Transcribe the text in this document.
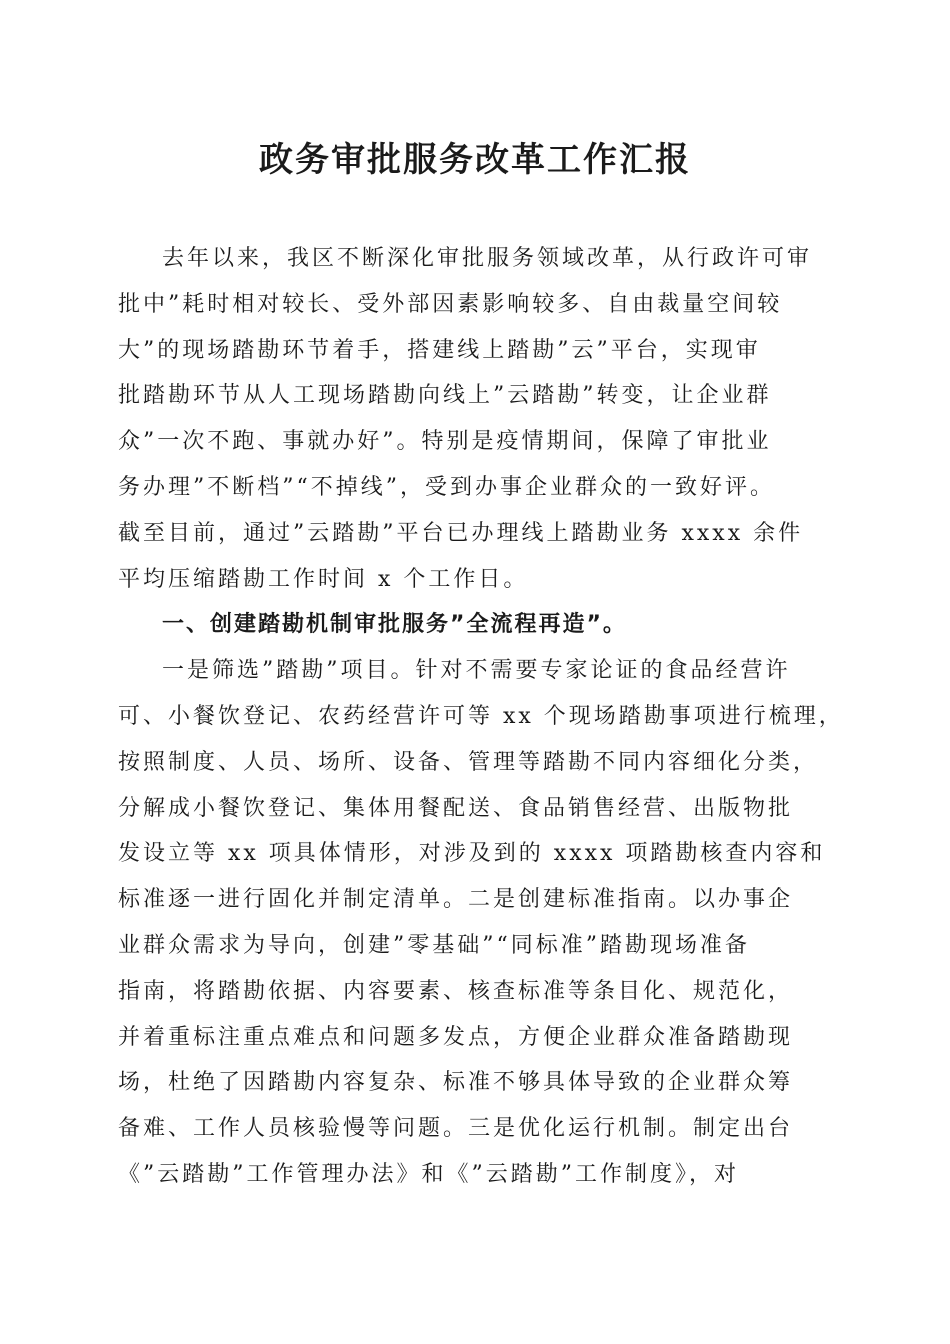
政务审批服务改革工作汇报
去年以来，我区不断深化审批服务领域改革，从行政许可审
批中”耗时相对较长、受外部因素影响较多、自由裁量空间较
大”的现场踏勘环节着手，搭建线上踏勘”云”平台，实现审
批踏勘环节从人工现场踏勘向线上”云踏勘”转变，让企业群
众”一次不跑、事就办好”。特别是疫情期间，保障了审批业
务办理”不断档”“不掉线”，受到办事企业群众的一致好评。
截至目前，通过”云踏勘”平台已办理线上踏勘业务 xxxx 余件
平均压缩踏勘工作时间 x 个工作日。
一、创建踏勘机制审批服务”全流程再造”。
一是筛选”踏勘”项目。针对不需要专家论证的食品经营许
可、小餐饮登记、农药经营许可等 xx 个现场踏勘事项进行梳理，
按照制度、人员、场所、设备、管理等踏勘不同内容细化分类，
分解成小餐饮登记、集体用餐配送、食品销售经营、出版物批
发设立等 xx 项具体情形，对涉及到的 xxxx 项踏勘核查内容和
标准逐一进行固化并制定清单。二是创建标准指南。以办事企
业群众需求为导向，创建”零基础”“同标准”踏勘现场准备
指南，将踏勘依据、内容要素、核查标准等条目化、规范化，
并着重标注重点难点和问题多发点，方便企业群众准备踏勘现
场，杜绝了因踏勘内容复杂、标准不够具体导致的企业群众筹
备难、工作人员核验慢等问题。三是优化运行机制。制定出台
《”云踏勘”工作管理办法》和《”云踏勘”工作制度》，对
